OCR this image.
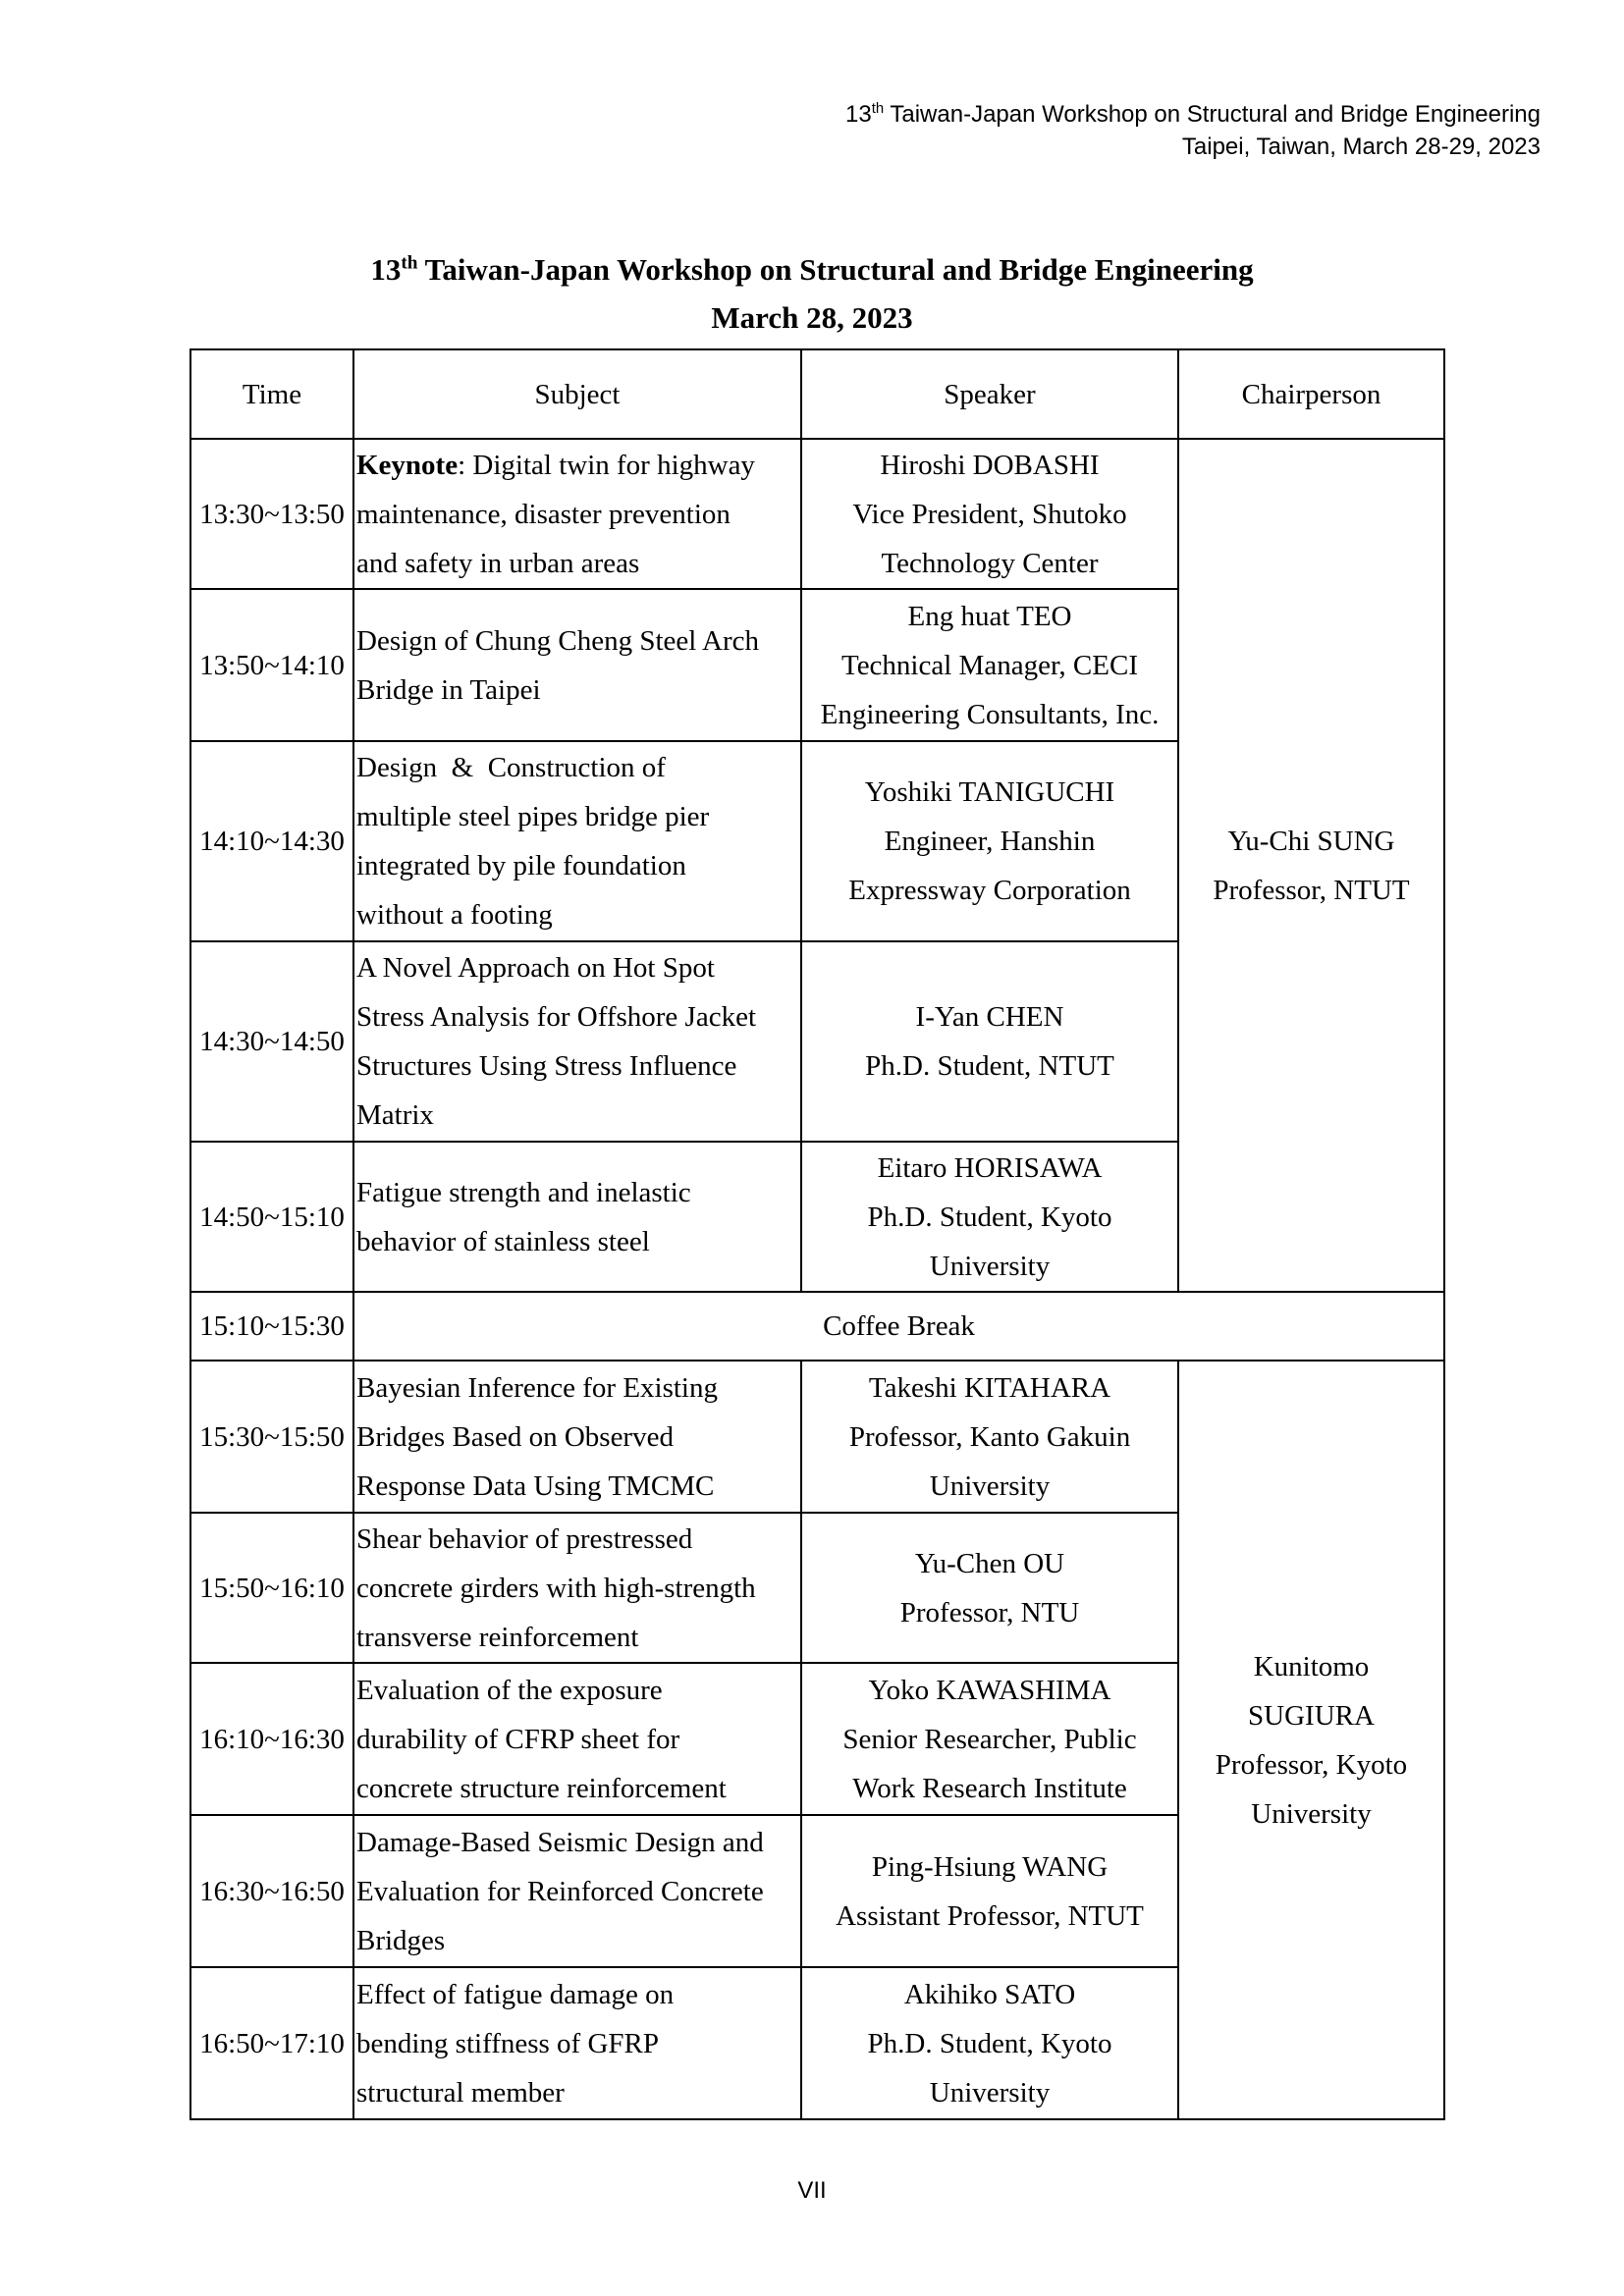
13th Taiwan-Japan Workshop on Structural and Bridge Engineering
Taipei, Taiwan, March 28-29, 2023
13th Taiwan-Japan Workshop on Structural and Bridge Engineering
March 28, 2023
Time	Subject	Speaker	Chairperson
13:30~13:50	Keynote: Digital twin for highway
maintenance, disaster prevention
and safety in urban areas	Hiroshi DOBASHI
Vice President, Shutoko
Technology Center	Yu-Chi SUNG
Professor, NTUT

13:50~14:10	Design of Chung Cheng Steel Arch
Bridge in Taipei	Eng huat TEO
Technical Manager, CECI
Engineering Consultants, Inc.	

14:10~14:30	Design  &  Construction of
multiple steel pipes bridge pier
integrated by pile foundation
without a footing	Yoshiki TANIGUCHI
Engineer, Hanshin
Expressway Corporation	

14:30~14:50	A Novel Approach on Hot Spot
Stress Analysis for Offshore Jacket
Structures Using Stress Influence
Matrix	I-Yan CHEN
Ph.D. Student, NTUT	

14:50~15:10	Fatigue strength and inelastic
behavior of stainless steel	Eitaro HORISAWA
Ph.D. Student, Kyoto
University	

15:10~15:30	Coffee Break		
15:30~15:50	Bayesian Inference for Existing
Bridges Based on Observed
Response Data Using TMCMC	Takeshi KITAHARA
Professor, Kanto Gakuin
University	Kunitomo
SUGIURA
Professor, Kyoto
University

15:50~16:10	Shear behavior of prestressed
concrete girders with high-strength
transverse reinforcement	Yu-Chen OU
Professor, NTU	

16:10~16:30	Evaluation of the exposure
durability of CFRP sheet for
concrete structure reinforcement	Yoko KAWASHIMA
Senior Researcher, Public
Work Research Institute	

16:30~16:50	Damage-Based Seismic Design and
Evaluation for Reinforced Concrete
Bridges	Ping-Hsiung WANG
Assistant Professor, NTUT	

16:50~17:10	Effect of fatigue damage on
bending stiffness of GFRP
structural member	Akihiko SATO
Ph.D. Student, Kyoto
University	
VII
